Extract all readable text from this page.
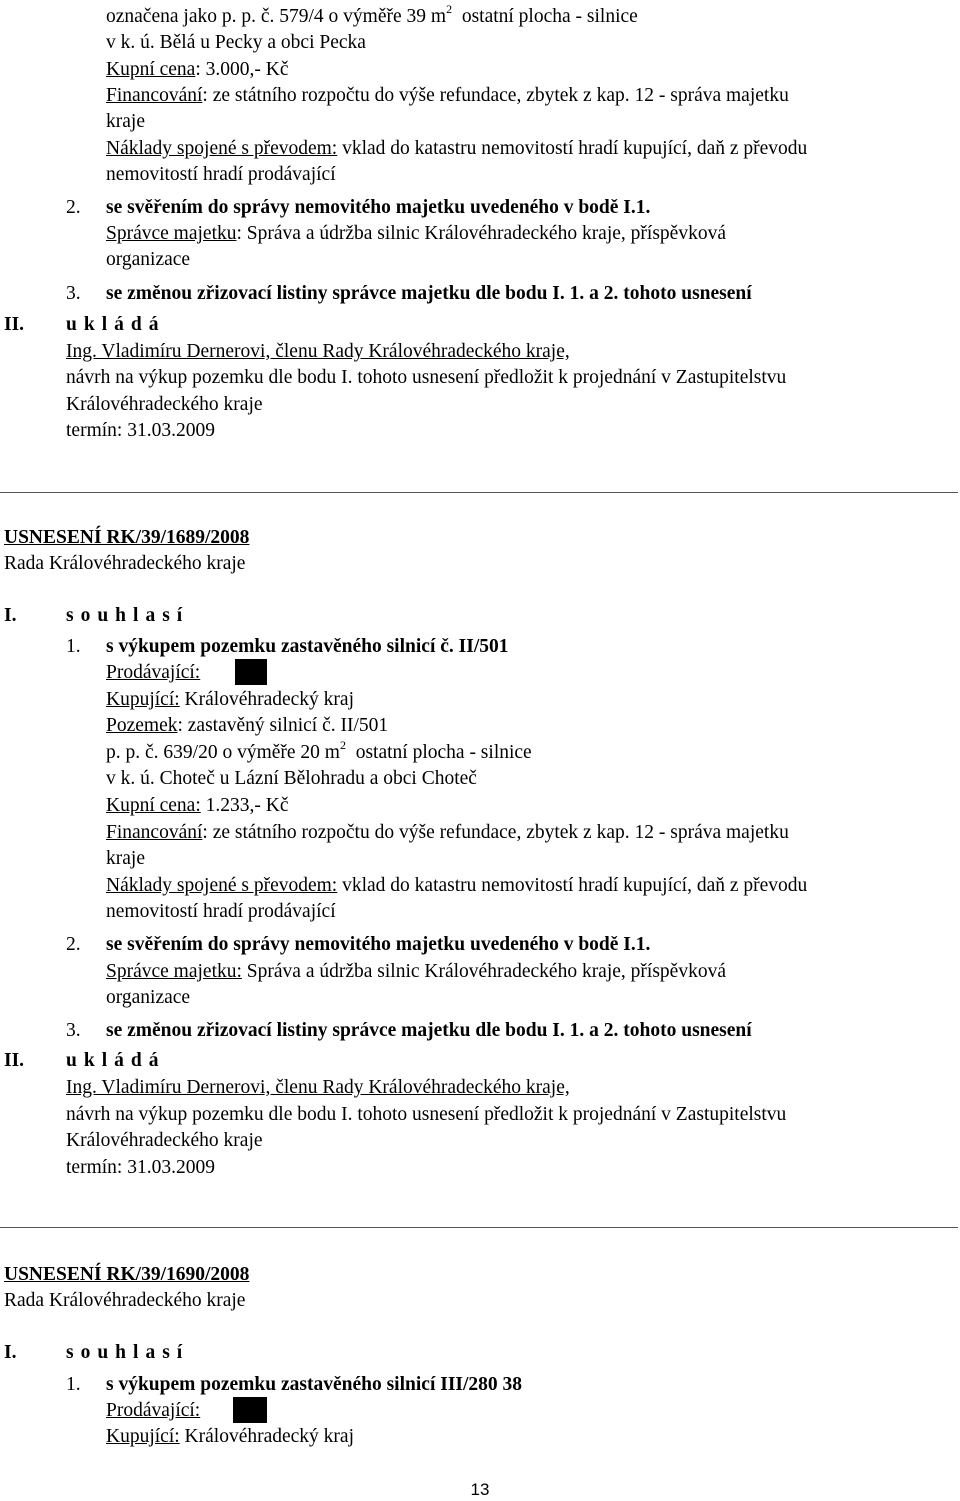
označena jako p. p. č. 579/4 o výměře 39 $m^2$  ostatní plocha - silnice
v k. ú. Bělá u Pecky a obci Pecka
Kupní cena: 3.000,- Kč
Financování: ze státního rozpočtu do výše refundace, zbytek z kap. 12 - správa majetku
kraje
Náklady spojené s převodem: vklad do katastru nemovitostí hradí kupující, daň z převodu
nemovitostí hradí prodávající
2. se svěřením do správy nemovitého majetku uvedeného v bodě I.1.
Správce majetku: Správa a údržba silnic Královéhradeckého kraje, příspěvková
organizace
3. se změnou zřizovací listiny správce majetku dle bodu I. 1. a 2. tohoto usnesení
II. ukládá
Ing. Vladimíru Dernerovi, členu Rady Královéhradeckého kraje,
návrh na výkup pozemku dle bodu I. tohoto usnesení předložit k projednání v Zastupitelstvu
Královéhradeckého kraje
termín: 31.03.2009
USNESENÍ RK/39/1689/2008
Rada Královéhradeckého kraje
I.	souhlasí
1. s výkupem pozemku zastavěného silnicí č. II/501
Prodávající:
Kupující: Královéhradecký kraj
Pozemek: zastavěný silnicí č. II/501
p. p. č. 639/20 o výměře 20 $m^2$  ostatní plocha - silnice
v k. ú. Choteč u Lázní Bělohradu a obci Choteč
Kupní cena: 1.233,- Kč
Financování: ze státního rozpočtu do výše refundace, zbytek z kap. 12 - správa majetku
kraje
Náklady spojené s převodem: vklad do katastru nemovitostí hradí kupující, daň z převodu
nemovitostí hradí prodávající
2. se svěřením do správy nemovitého majetku uvedeného v bodě I.1.
Správce majetku: Správa a údržba silnic Královéhradeckého kraje, příspěvková
organizace
3. se změnou zřizovací listiny správce majetku dle bodu I. 1. a 2. tohoto usnesení
II. ukládá
Ing. Vladimíru Dernerovi, členu Rady Královéhradeckého kraje,
návrh na výkup pozemku dle bodu I. tohoto usnesení předložit k projednání v Zastupitelstvu
Královéhradeckého kraje
termín: 31.03.2009
USNESENÍ RK/39/1690/2008
Rada Královéhradeckého kraje
I.	souhlasí
1. s výkupem pozemku zastavěného silnicí III/280 38
Prodávající:
Kupující: Královéhradecký kraj
13
